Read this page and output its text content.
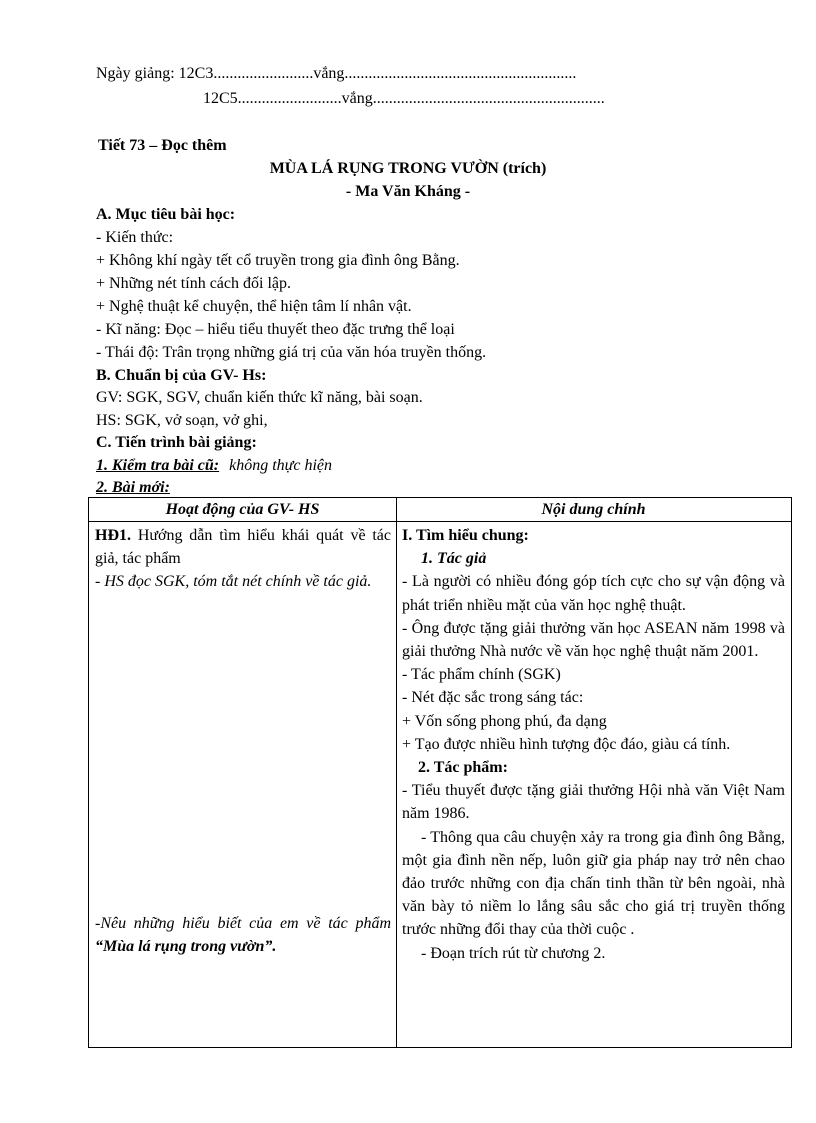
Ngày giảng: 12C3.........................vắng..........................................................
12C5..........................vắng..........................................................
Tiết 73 – Đọc thêm
MÙA LÁ RỤNG TRONG VƯỜN (trích)
- Ma Văn Kháng -
A. Mục tiêu bài học:
- Kiến thức:
+ Không khí ngày tết cổ truyền trong gia đình ông Bằng.
+ Những nét tính cách đối lập.
+ Nghệ thuật kể chuyện, thể hiện tâm lí nhân vật.
- Kĩ năng: Đọc – hiểu tiểu thuyết theo đặc trưng thể loại
- Thái độ: Trân trọng những giá trị của văn hóa truyền thống.
B. Chuẩn bị của GV- Hs:
GV: SGK, SGV, chuẩn kiến thức kĩ năng, bài soạn.
HS: SGK, vở soạn, vở ghi,
C. Tiến trình bài giảng:
1. Kiểm tra bài cũ: không thực hiện
2. Bài mới:
Hoạt động của GV- HS	Nội dung chính

HĐ1. Hướng dẫn tìm hiểu khái quát về tác giả, tác phẩm

- HS đọc SGK, tóm tắt nét chính về tác giả.

-Nêu những hiểu biết của em về tác phẩm “Mùa lá rụng trong vườn”.

I. Tìm hiểu chung:

1. Tác giả

- Là người có nhiều đóng góp tích cực cho sự vận động và phát triển nhiều mặt của văn học nghệ thuật.

- Ông được tặng giải thưởng văn học ASEAN năm 1998 và giải thưởng Nhà nước về văn học nghệ thuật năm 2001.

- Tác phẩm chính (SGK)

- Nét đặc sắc trong sáng tác:

+ Vốn sống phong phú, đa dạng

+ Tạo được nhiều hình tượng độc đáo, giàu cá tính.

2. Tác phẩm:

- Tiểu thuyết được tặng giải thưởng Hội nhà văn Việt Nam năm 1986.

- Thông qua câu chuyện xảy ra trong gia đình ông Bằng, một gia đình nền nếp, luôn giữ gia pháp nay trở nên chao đảo trước những con địa chấn tinh thần từ bên ngoài, nhà văn bày tỏ niềm lo lắng sâu sắc cho giá trị truyền thống trước những đổi thay của thời cuộc .

- Đoạn trích rút từ chương 2.
